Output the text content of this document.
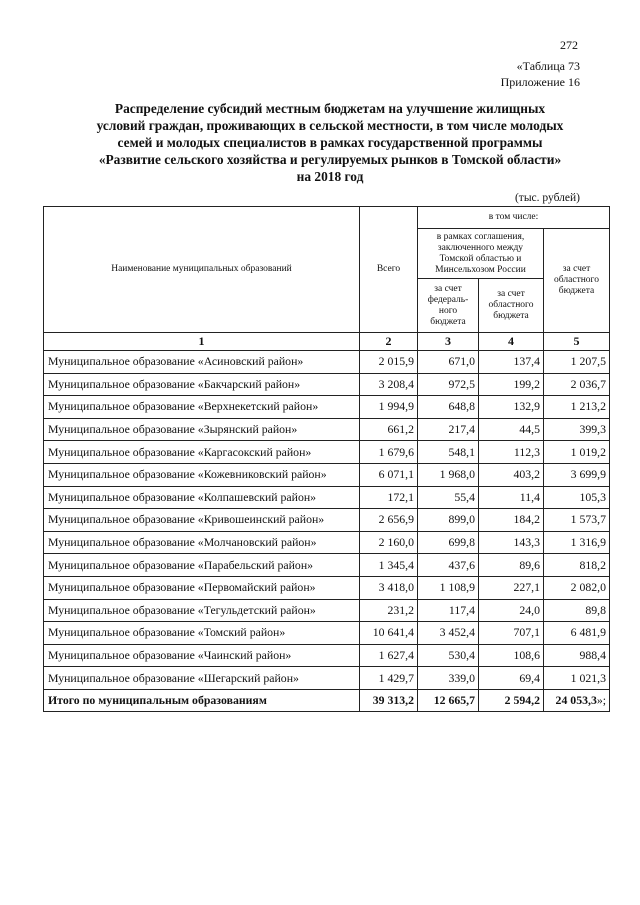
272
«Таблица 73
Приложение 16
Распределение субсидий местным бюджетам на улучшение жилищных
условий граждан, проживающих в сельской местности, в том числе молодых
семей и молодых специалистов в рамках государственной программы
«Развитие сельского хозяйства и регулируемых рынков в Томской области»
на 2018 год
(тыс. рублей)
Наименование муниципальных образований	Всего	в том числе:		
		в рамках соглашения, заключенного между Томской областью и Минсельхозом России		за счет областного бюджета
		за счет федераль-ного бюджета	за счет областного бюджета	
1	2	3	4	5
Муниципальное образование «Асиновский район»	2 015,9	671,0	137,4	1 207,5
Муниципальное образование «Бакчарский район»	3 208,4	972,5	199,2	2 036,7
Муниципальное образование «Верхнекетский район»	1 994,9	648,8	132,9	1 213,2
Муниципальное образование «Зырянский район»	661,2	217,4	44,5	399,3
Муниципальное образование «Каргасокский район»	1 679,6	548,1	112,3	1 019,2
Муниципальное образование «Кожевниковский район»	6 071,1	1 968,0	403,2	3 699,9
Муниципальное образование «Колпашевский район»	172,1	55,4	11,4	105,3
Муниципальное образование «Кривошеинский район»	2 656,9	899,0	184,2	1 573,7
Муниципальное образование «Молчановский район»	2 160,0	699,8	143,3	1 316,9
Муниципальное образование «Парабельский район»	1 345,4	437,6	89,6	818,2
Муниципальное образование «Первомайский район»	3 418,0	1 108,9	227,1	2 082,0
Муниципальное образование «Тегульдетский район»	231,2	117,4	24,0	89,8
Муниципальное образование «Томский район»	10 641,4	3 452,4	707,1	6 481,9
Муниципальное образование «Чаинский район»	1 627,4	530,4	108,6	988,4
Муниципальное образование «Шегарский район»	1 429,7	339,0	69,4	1 021,3
Итого по муниципальным образованиям	39 313,2	12 665,7	2 594,2	24 053,3»;
